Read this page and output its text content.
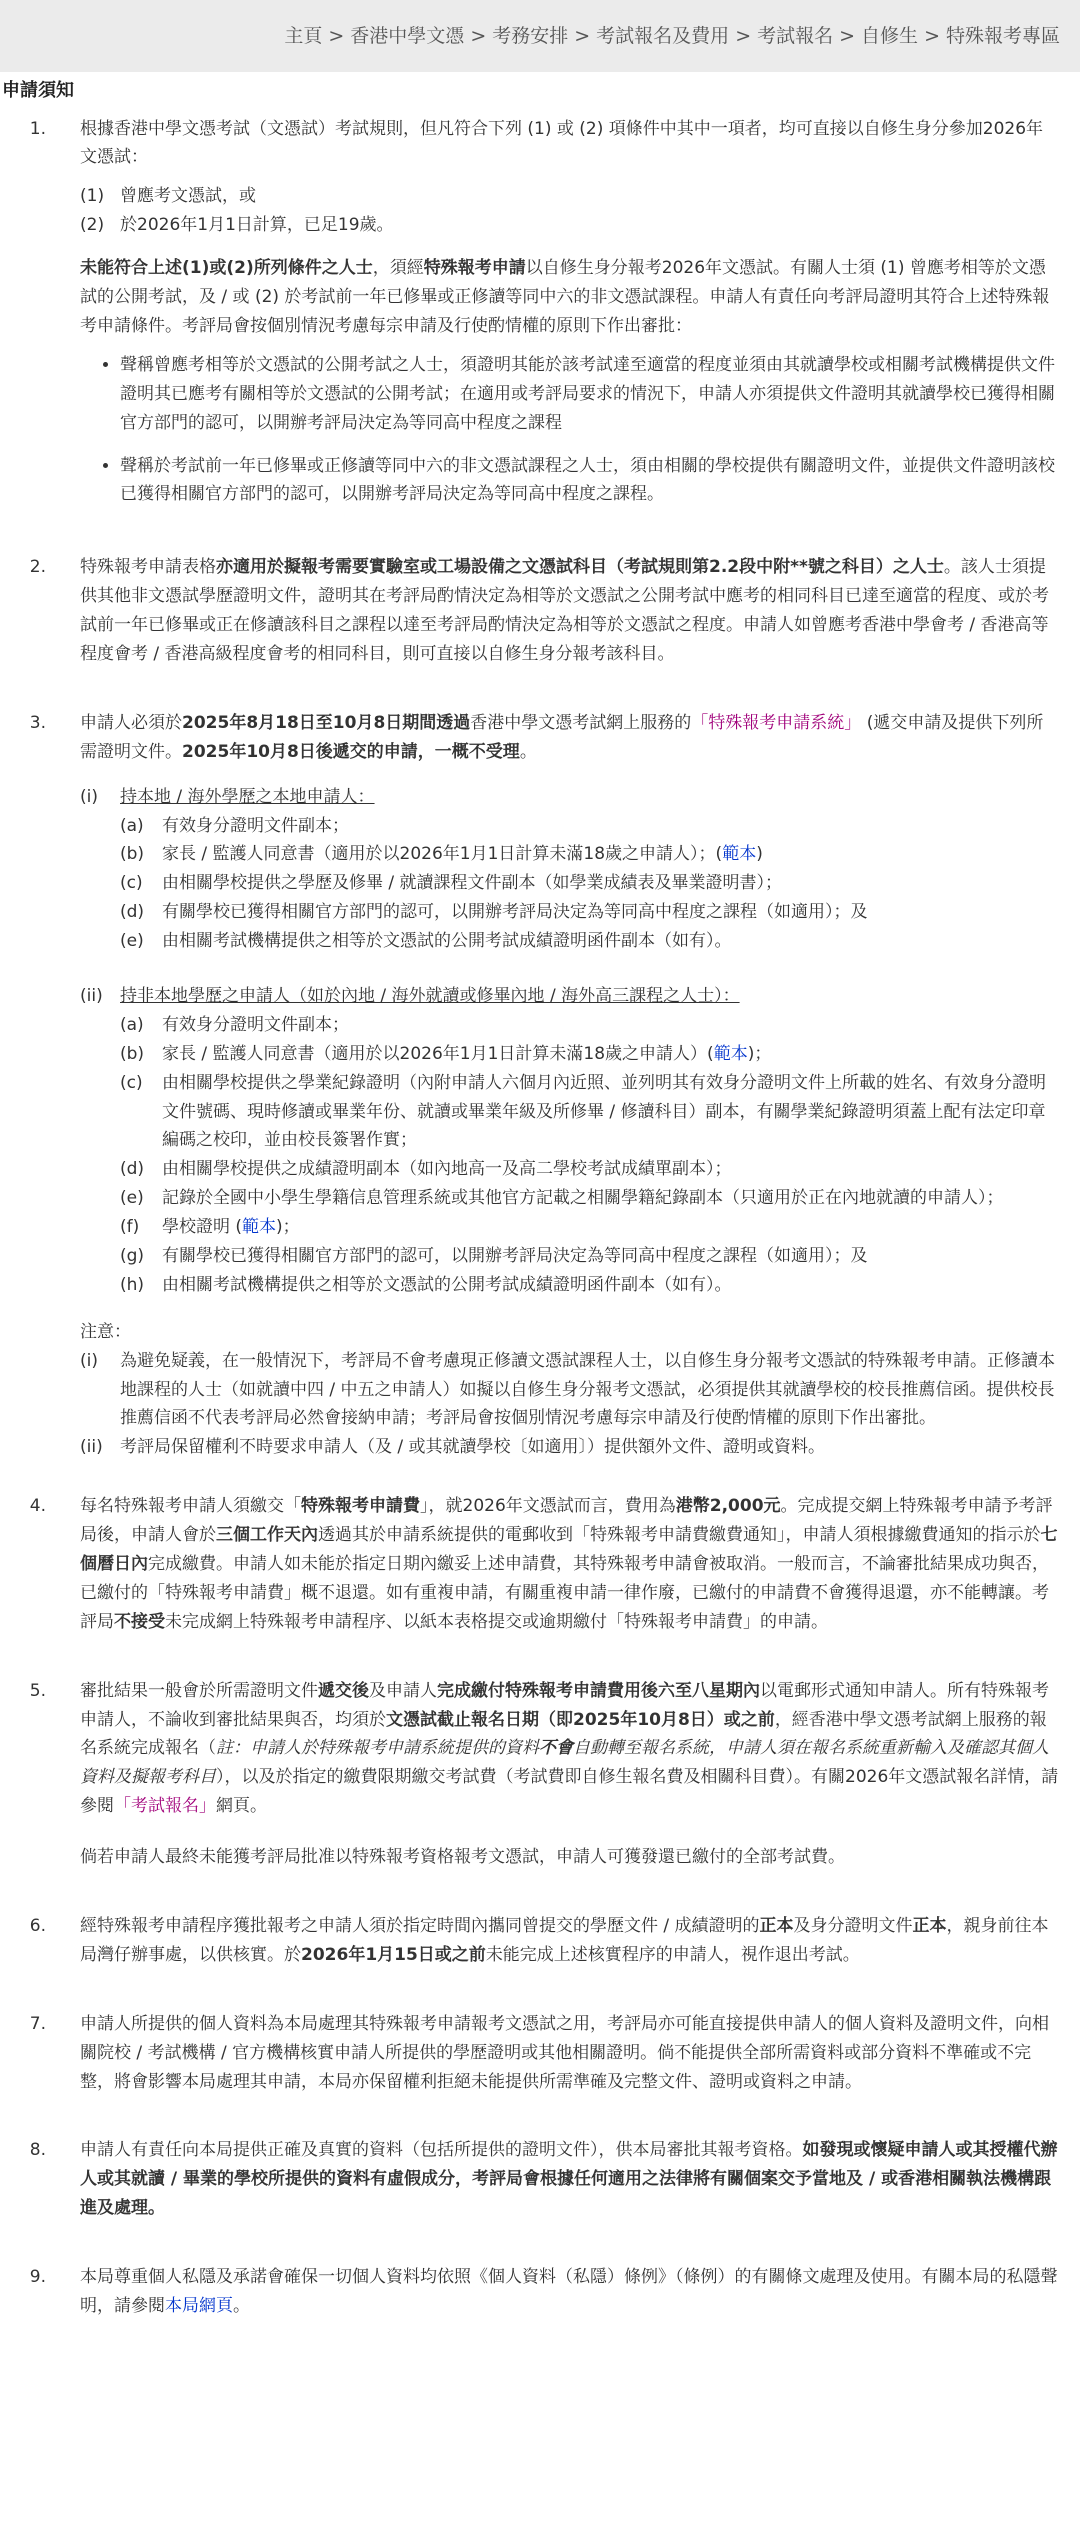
主頁 > 香港中學文憑 > 考務安排 > 考試報名及費用 > 考試報名 > 自修生 > 特殊報考專區
申請須知
1.	根據香港中學文憑考試（文憑試）考試規則，但凡符合下列 (1) 或 (2) 項條件中其中一項者，均可直接以自修生身分參加2026年文憑試：

(1) 曾應考文憑試，或
(2) 於2026年1月1日計算，已足19歲。

未能符合上述(1)或(2)所列條件之人士，須經特殊報考申請以自修生身分報考2026年文憑試。有關人士須 (1) 曾應考相等於文憑試的公開考試，及 / 或 (2) 於考試前一年已修畢或正修讀等同中六的非文憑試課程。申請人有責任向考評局證明其符合上述特殊報考申請條件。考評局會按個別情況考慮每宗申請及行使酌情權的原則下作出審批：

• 聲稱曾應考相等於文憑試的公開考試之人士，須證明其能於該考試達至適當的程度並須由其就讀學校或相關考試機構提供文件證明其已應考有關相等於文憑試的公開考試；在適用或考評局要求的情況下，申請人亦須提供文件證明其就讀學校已獲得相關官方部門的認可，以開辦考評局決定為等同高中程度之課程
• 聲稱於考試前一年已修畢或正修讀等同中六的非文憑試課程之人士，須由相關的學校提供有關證明文件，並提供文件證明該校已獲得相關官方部門的認可，以開辦考評局決定為等同高中程度之課程。
2.	特殊報考申請表格亦適用於擬報考需要實驗室或工場設備之文憑試科目（考試規則第2.2段中附**號之科目）之人士。該人士須提供其他非文憑試學歷證明文件，證明其在考評局酌情決定為相等於文憑試之公開考試中應考的相同科目已達至適當的程度、或於考試前一年已修畢或正在修讀該科目之課程以達至考評局酌情決定為相等於文憑試之程度。申請人如曾應考香港中學會考 / 香港高等程度會考 / 香港高級程度會考的相同科目，則可直接以自修生身分報考該科目。

3.	申請人必須於2025年8月18日至10月8日期間透過香港中學文憑考試網上服務的「特殊報考申請系統」 (遞交申請及提供下列所需證明文件。2025年10月8日後遞交的申請，一概不受理。

(i)	持本地 / 海外學歷之本地申請人：
(a)	有效身分證明文件副本；
(b)	家長 / 監護人同意書（適用於以2026年1月1日計算未滿18歲之申請人）；(範本)
(c)	由相關學校提供之學歷及修畢 / 就讀課程文件副本（如學業成績表及畢業證明書）；
(d)	有關學校已獲得相關官方部門的認可，以開辦考評局決定為等同高中程度之課程（如適用）；及
(e)	由相關考試機構提供之相等於文憑試的公開考試成績證明函件副本（如有）。
(ii)	持非本地學歷之申請人（如於內地 / 海外就讀或修畢內地 / 海外高三課程之人士）：
(a)	有效身分證明文件副本；
(b)	家長 / 監護人同意書（適用於以2026年1月1日計算未滿18歲之申請人）(範本)；
(c)	由相關學校提供之學業紀錄證明（內附申請人六個月內近照、並列明其有效身分證明文件上所載的姓名、有效身分證明文件號碼、現時修讀或畢業年份、就讀或畢業年級及所修畢 / 修讀科目）副本，有關學業紀錄證明須蓋上配有法定印章編碼之校印，並由校長簽署作實；
(d)	由相關學校提供之成績證明副本（如內地高一及高二學校考試成績單副本）；
(e)	記錄於全國中小學生學籍信息管理系統或其他官方記載之相關學籍紀錄副本（只適用於正在內地就讀的申請人）；
(f)	學校證明 (範本)；
(g)	有關學校已獲得相關官方部門的認可，以開辦考評局決定為等同高中程度之課程（如適用）；及
(h)	由相關考試機構提供之相等於文憑試的公開考試成績證明函件副本（如有）。
注意：
(i)	為避免疑義，在一般情況下，考評局不會考慮現正修讀文憑試課程人士，以自修生身分報考文憑試的特殊報考申請。正修讀本地課程的人士（如就讀中四 / 中五之申請人）如擬以自修生身分報考文憑試，必須提供其就讀學校的校長推薦信函。提供校長推薦信函不代表考評局必然會接納申請；考評局會按個別情況考慮每宗申請及行使酌情權的原則下作出審批。
(ii)	考評局保留權利不時要求申請人（及 / 或其就讀學校〔如適用〕）提供額外文件、證明或資料。
4.	每名特殊報考申請人須繳交「特殊報考申請費」，就2026年文憑試而言，費用為港幣2,000元。完成提交網上特殊報考申請予考評局後，申請人會於三個工作天內透過其於申請系統提供的電郵收到「特殊報考申請費繳費通知」，申請人須根據繳費通知的指示於七個曆日內完成繳費。申請人如未能於指定日期內繳妥上述申請費，其特殊報考申請會被取消。一般而言，不論審批結果成功與否，已繳付的「特殊報考申請費」概不退還。如有重複申請，有關重複申請一律作廢，已繳付的申請費不會獲得退還，亦不能轉讓。考評局不接受未完成網上特殊報考申請程序、以紙本表格提交或逾期繳付「特殊報考申請費」的申請。

5.	審批結果一般會於所需證明文件遞交後及申請人完成繳付特殊報考申請費用後六至八星期內以電郵形式通知申請人。所有特殊報考申請人，不論收到審批結果與否，均須於文憑試截止報名日期（即2025年10月8日）或之前，經香港中學文憑考試網上服務的報名系統完成報名（註：申請人於特殊報考申請系統提供的資料不會自動轉至報名系統，申請人須在報名系統重新輸入及確認其個人資料及擬報考科目），以及於指定的繳費限期繳交考試費（考試費即自修生報名費及相關科目費）。有關2026年文憑試報名詳情，請參閱「考試報名」網頁。

倘若申請人最終未能獲考評局批准以特殊報考資格報考文憑試，申請人可獲發還已繳付的全部考試費。

6.	經特殊報考申請程序獲批報考之申請人須於指定時間內攜同曾提交的學歷文件 / 成績證明的正本及身分證明文件正本，親身前往本局灣仔辦事處，以供核實。於2026年1月15日或之前未能完成上述核實程序的申請人，視作退出考試。

7.	申請人所提供的個人資料為本局處理其特殊報考申請報考文憑試之用，考評局亦可能直接提供申請人的個人資料及證明文件，向相關院校 / 考試機構 / 官方機構核實申請人所提供的學歷證明或其他相關證明。倘不能提供全部所需資料或部分資料不準確或不完整，將會影響本局處理其申請，本局亦保留權利拒絕未能提供所需準確及完整文件、證明或資料之申請。

8.	申請人有責任向本局提供正確及真實的資料（包括所提供的證明文件），供本局審批其報考資格。如發現或懷疑申請人或其授權代辦人或其就讀 / 畢業的學校所提供的資料有虛假成分，考評局會根據任何適用之法律將有關個案交予當地及 / 或香港相關執法機構跟進及處理。

9.	本局尊重個人私隱及承諾會確保一切個人資料均依照《個人資料（私隱）條例》（條例）的有關條文處理及使用。有關本局的私隱聲明，請參閱本局網頁。
